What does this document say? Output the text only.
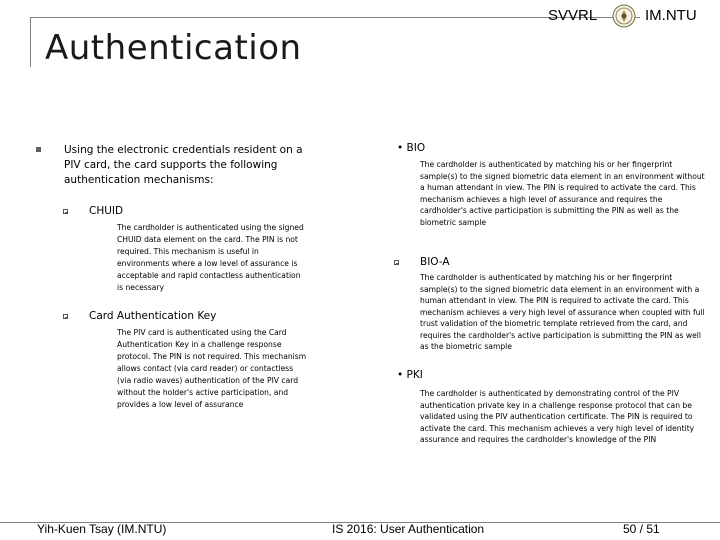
SVVRL	IM.NTU
Authentication
Using the electronic credentials resident on a PIV card, the card supports the following authentication mechanisms:
CHUID
The cardholder is authenticated using the signed CHUID data element on the card. The PIN is not required. This mechanism is useful in environments where a low level of assurance is acceptable and rapid contactless authentication is necessary
Card Authentication Key
The PIV card is authenticated using the Card Authentication Key in a challenge response protocol. The PIN is not required. This mechanism allows contact (via card reader) or contactless (via radio waves) authentication of the PIV card without the holder's active participation, and provides a low level of assurance
• BIO
The cardholder is authenticated by matching his or her fingerprint sample(s) to the signed biometric data element in an environment without a human attendant in view. The PIN is required to activate the card. This mechanism achieves a high level of assurance and requires the cardholder's active participation is submitting the PIN as well as the biometric sample
BIO-A
The cardholder is authenticated by matching his or her fingerprint sample(s) to the signed biometric data element in an environment with a human attendant in view. The PIN is required to activate the card. This mechanism achieves a very high level of assurance when coupled with full trust validation of the biometric template retrieved from the card, and requires the cardholder's active participation is submitting the PIN as well as the biometric sample
• PKI
The cardholder is authenticated by demonstrating control of the PIV authentication private key in a challenge response protocol that can be validated using the PIV authentication certificate. The PIN is required to activate the card. This mechanism achieves a very high level of identity assurance and requires the cardholder's knowledge of the PIN
Yih-Kuen Tsay (IM.NTU)	IS 2016: User Authentication	50 / 51
